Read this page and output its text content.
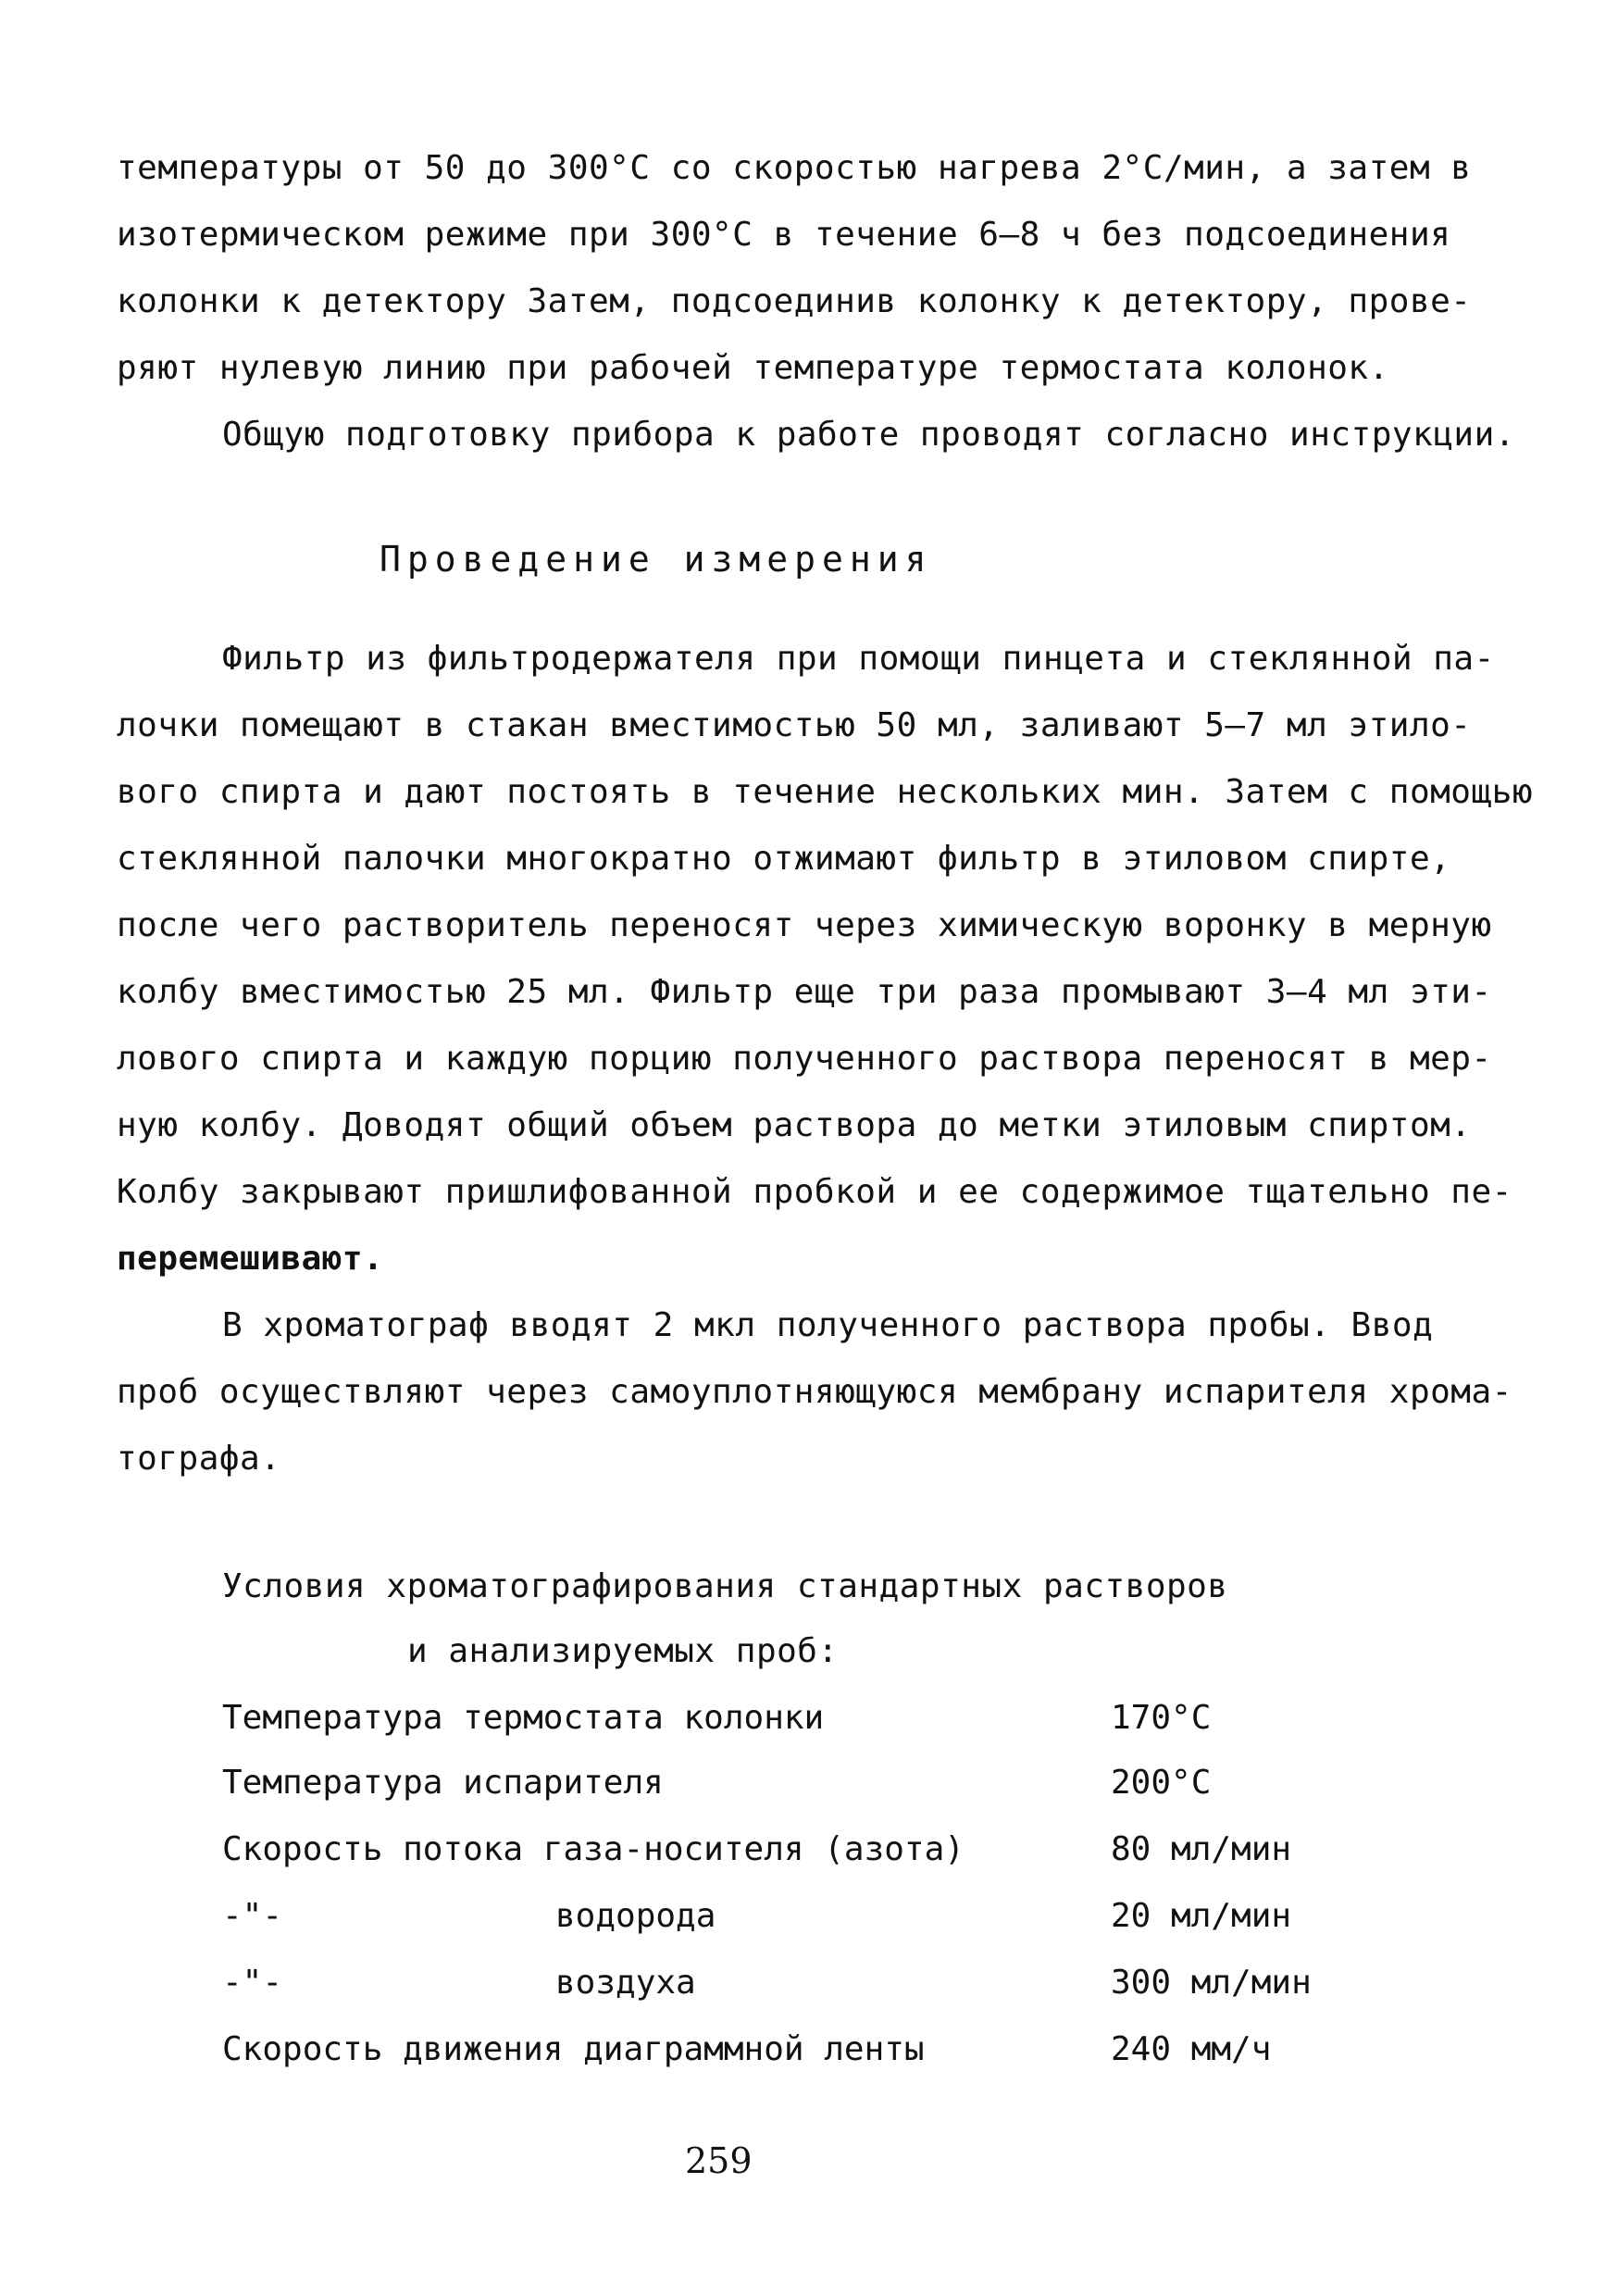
температуры от 50 до 300°С со скоростью нагрева 2°С/мин, а затем в
изотермическом режиме при 300°С в течение 6–8 ч без подсоединения
колонки к детектору Затем, подсоединив колонку к детектору, прове-
ряют нулевую линию при рабочей температуре термостата колонок.
Общую подготовку прибора к работе проводят согласно инструкции.
Проведение измерения
Фильтр из фильтродержателя при помощи пинцета и стеклянной па-
лочки помещают в стакан вместимостью 50 мл, заливают 5–7 мл этило-
вого спирта и дают постоять в течение нескольких мин. Затем с помощью
стеклянной палочки многократно отжимают фильтр в этиловом спирте,
после чего растворитель переносят через химическую воронку в мерную
колбу вместимостью 25 мл. Фильтр еще три раза промывают 3–4 мл эти-
лового спирта и каждую порцию полученного раствора переносят в мер-
ную колбу. Доводят общий объем раствора до метки этиловым спиртом.
Колбу закрывают пришлифованной пробкой и ее содержимое тщательно пе-
перемешивают.
В хроматограф вводят 2 мкл полученного раствора пробы. Ввод
проб осуществляют через самоуплотняющуюся мембрану испарителя хрома-
тографа.
Условия хроматографирования стандартных растворов
и анализируемых проб:
Температура термостата колонки	170°С
Температура испарителя	200°С
Скорость потока газа-носителя (азота)	80 мл/мин
-"-	водорода	20 мл/мин
-"-	воздуха	300 мл/мин
Скорость движения диаграммной ленты	240 мм/ч
259
